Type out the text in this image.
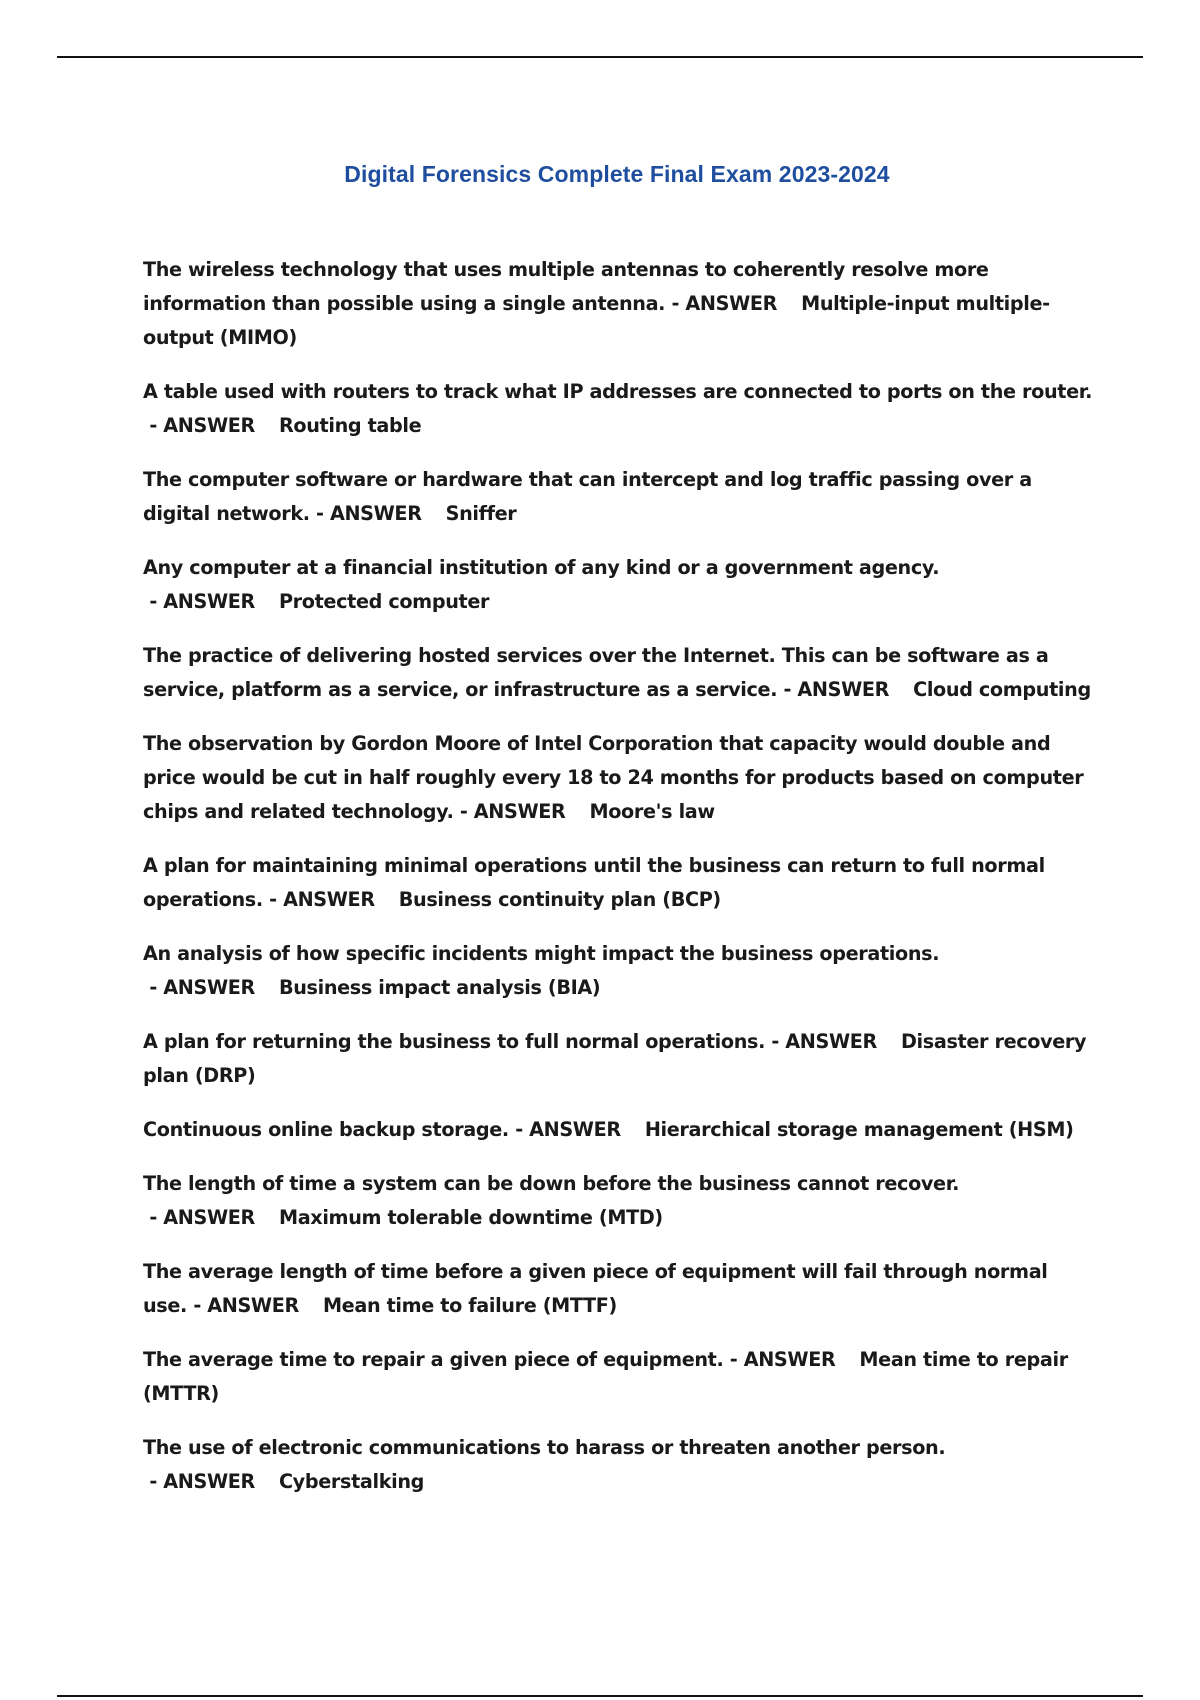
Digital Forensics Complete Final Exam 2023-2024

The wireless technology that uses multiple antennas to coherently resolve more information than possible using a single antenna. - ANSWER Multiple-input multiple-output (MIMO)

A table used with routers to track what IP addresses are connected to ports on the router. - ANSWER Routing table

The computer software or hardware that can intercept and log traffic passing over a digital network. - ANSWER Sniffer

Any computer at a financial institution of any kind or a government agency. - ANSWER Protected computer

The practice of delivering hosted services over the Internet. This can be software as a service, platform as a service, or infrastructure as a service. - ANSWER Cloud computing

The observation by Gordon Moore of Intel Corporation that capacity would double and price would be cut in half roughly every 18 to 24 months for products based on computer chips and related technology. - ANSWER Moore's law

A plan for maintaining minimal operations until the business can return to full normal operations. - ANSWER Business continuity plan (BCP)

An analysis of how specific incidents might impact the business operations. - ANSWER Business impact analysis (BIA)

A plan for returning the business to full normal operations. - ANSWER Disaster recovery plan (DRP)

Continuous online backup storage. - ANSWER Hierarchical storage management (HSM)

The length of time a system can be down before the business cannot recover. - ANSWER Maximum tolerable downtime (MTD)

The average length of time before a given piece of equipment will fail through normal use. - ANSWER Mean time to failure (MTTF)

The average time to repair a given piece of equipment. - ANSWER Mean time to repair (MTTR)

The use of electronic communications to harass or threaten another person. - ANSWER Cyberstalking
